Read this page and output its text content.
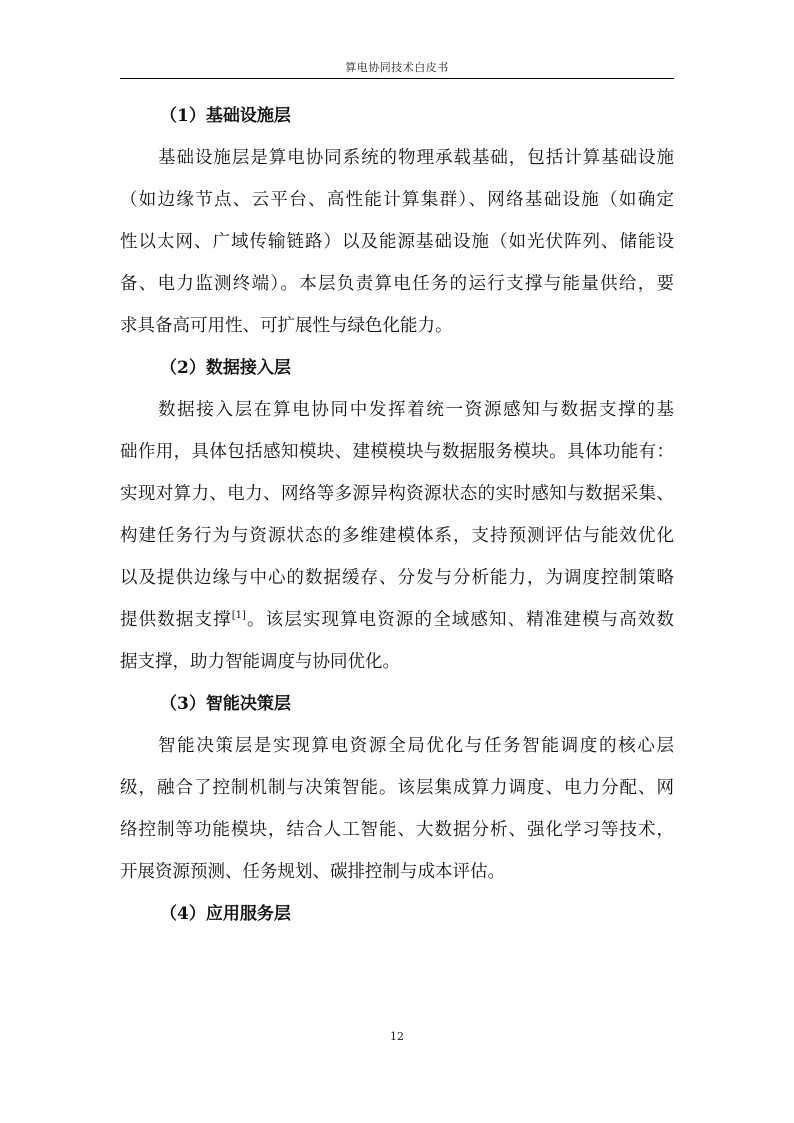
算电协同技术白皮书
（1）基础设施层
基础设施层是算电协同系统的物理承载基础，包括计算基础设施
（如边缘节点、云平台、高性能计算集群）、网络基础设施（如确定
性以太网、广域传输链路）以及能源基础设施（如光伏阵列、储能设
备、电力监测终端）。本层负责算电任务的运行支撑与能量供给，要
求具备高可用性、可扩展性与绿色化能力。
（2）数据接入层
数据接入层在算电协同中发挥着统一资源感知与数据支撑的基
础作用，具体包括感知模块、建模模块与数据服务模块。具体功能有：
实现对算力、电力、网络等多源异构资源状态的实时感知与数据采集、
构建任务行为与资源状态的多维建模体系，支持预测评估与能效优化
以及提供边缘与中心的数据缓存、分发与分析能力，为调度控制策略
提供数据支撑[1]。该层实现算电资源的全域感知、精准建模与高效数
据支撑，助力智能调度与协同优化。
（3）智能决策层
智能决策层是实现算电资源全局优化与任务智能调度的核心层
级，融合了控制机制与决策智能。该层集成算力调度、电力分配、网
络控制等功能模块，结合人工智能、大数据分析、强化学习等技术，
开展资源预测、任务规划、碳排控制与成本评估。
（4）应用服务层
12
